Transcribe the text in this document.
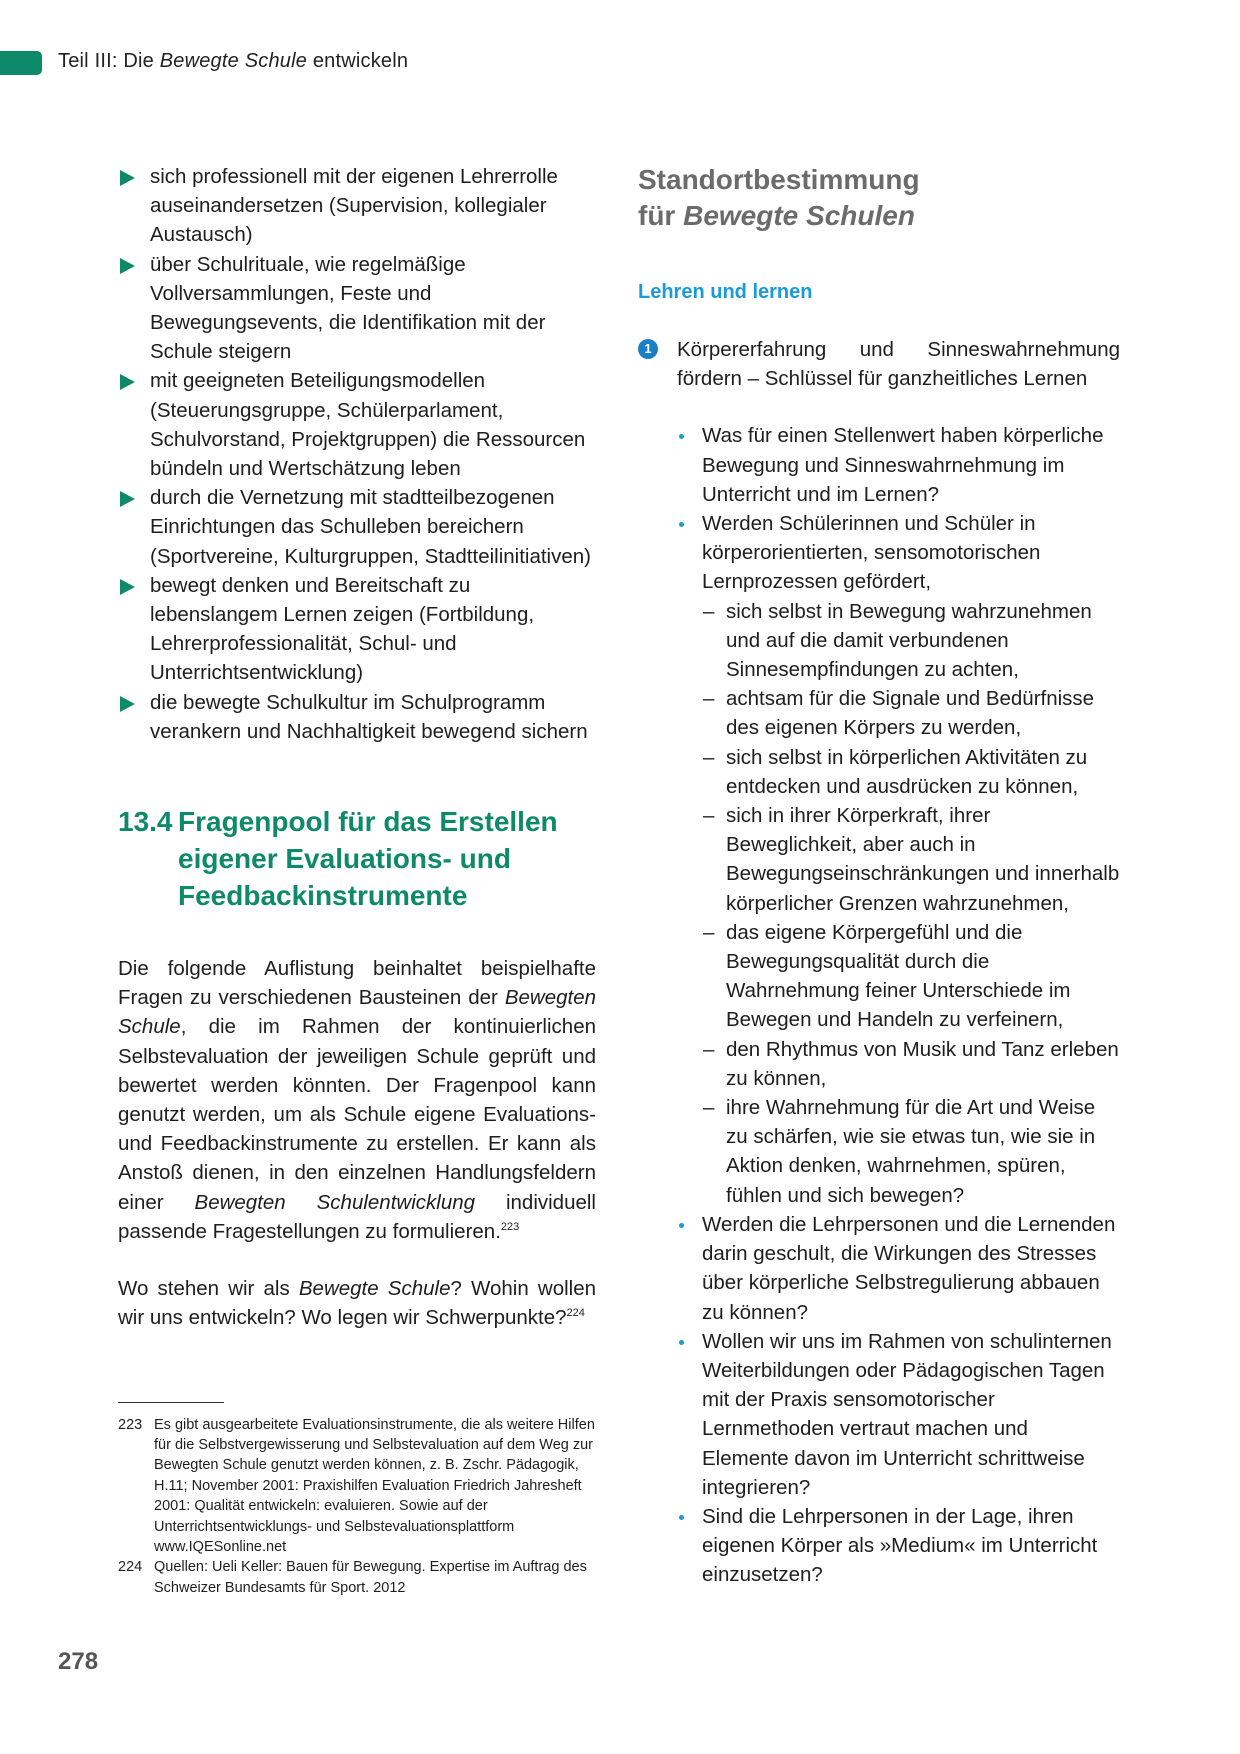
Teil III: Die Bewegte Schule entwickeln
sich professionell mit der eigenen Lehrerrolle auseinandersetzen (Supervision, kollegialer Austausch)
über Schulrituale, wie regelmäßige Vollversammlungen, Feste und Bewegungsevents, die Identifikation mit der Schule steigern
mit geeigneten Beteiligungsmodellen (Steuerungsgruppe, Schülerparlament, Schulvorstand, Projektgruppen) die Ressourcen bündeln und Wertschätzung leben
durch die Vernetzung mit stadtteilbezogenen Einrichtungen das Schulleben bereichern (Sportvereine, Kulturgruppen, Stadtteilinitiativen)
bewegt denken und Bereitschaft zu lebenslangem Lernen zeigen (Fortbildung, Lehrerprofessionalität, Schul- und Unterrichtsentwicklung)
die bewegte Schulkultur im Schulprogramm verankern und Nachhaltigkeit bewegend sichern
13.4 Fragenpool für das Erstellen eigener Evaluations- und Feedbackinstrumente

Die folgende Auflistung beinhaltet beispielhafte Fragen zu verschiedenen Bausteinen der Bewegten Schule, die im Rahmen der kontinuierlichen Selbstevaluation der jeweiligen Schule geprüft und bewertet werden könnten. Der Fragenpool kann genutzt werden, um als Schule eigene Evaluations- und Feedbackinstrumente zu erstellen. Er kann als Anstoß dienen, in den einzelnen Handlungsfeldern einer Bewegten Schulentwicklung individuell passende Fragestellungen zu formulieren.$^{223}$

Wo stehen wir als Bewegte Schule? Wohin wollen wir uns entwickeln? Wo legen wir Schwerpunkte?$^{224}$

223 Es gibt ausgearbeitete Evaluationsinstrumente, die als weitere Hilfen für die Selbstvergewisserung und Selbstevaluation auf dem Weg zur Bewegten Schule genutzt werden können, z. B. Zschr. Pädagogik, H.11; November 2001: Praxishilfen Evaluation Friedrich Jahresheft 2001: Qualität entwickeln: evaluieren. Sowie auf der Unterrichtsentwicklungs- und Selbstevaluationsplattform www.IQESonline.net
224 Quellen: Ueli Keller: Bauen für Bewegung. Expertise im Auftrag des Schweizer Bundesamts für Sport. 2012
Standortbestimmung
für Bewegte Schulen
Lehren und lernen
1	Körpererfahrung und Sinneswahrnehmung fördern – Schlüssel für ganzheitliches Lernen
Was für einen Stellenwert haben körperliche Bewegung und Sinneswahrnehmung im Unterricht und im Lernen?
Werden Schülerinnen und Schüler in körperorientierten, sensomotorischen Lernprozessen gefördert,
– sich selbst in Bewegung wahrzunehmen und auf die damit verbundenen Sinnesempfindungen zu achten,
– achtsam für die Signale und Bedürfnisse des eigenen Körpers zu werden,
– sich selbst in körperlichen Aktivitäten zu entdecken und ausdrücken zu können,
– sich in ihrer Körperkraft, ihrer Beweglichkeit, aber auch in Bewegungseinschränkungen und innerhalb körperlicher Grenzen wahrzunehmen,
– das eigene Körpergefühl und die Bewegungsqualität durch die Wahrnehmung feiner Unterschiede im Bewegen und Handeln zu verfeinern,
– den Rhythmus von Musik und Tanz erleben zu können,
– ihre Wahrnehmung für die Art und Weise zu schärfen, wie sie etwas tun, wie sie in Aktion denken, wahrnehmen, spüren, fühlen und sich bewegen?
Werden die Lehrpersonen und die Lernenden darin geschult, die Wirkungen des Stresses über körperliche Selbstregulierung abbauen zu können?
Wollen wir uns im Rahmen von schulinternen Weiterbildungen oder Pädagogischen Tagen mit der Praxis sensomotorischer Lernmethoden vertraut machen und Elemente davon im Unterricht schrittweise integrieren?
Sind die Lehrpersonen in der Lage, ihren eigenen Körper als »Medium« im Unterricht einzusetzen?
278
